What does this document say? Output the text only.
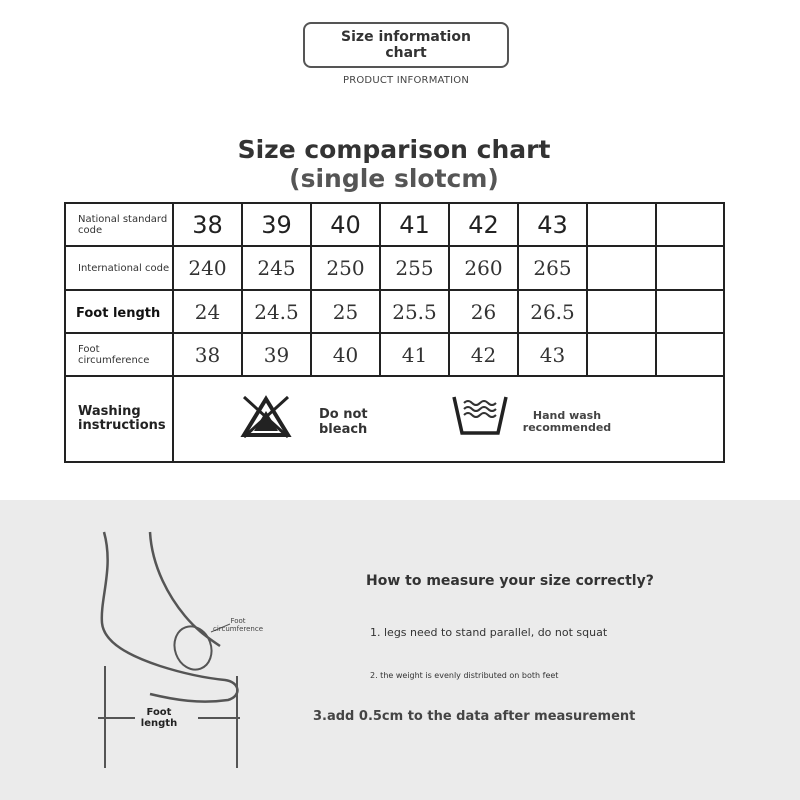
Size information chart
PRODUCT INFORMATION
Size comparison chart
(single slotcm)
National standard code	38	39	40	41	42	43		

International code	240	245	250	255	260	265		
Foot length	24	24.5	25	25.5	26	26.5		

Foot circumference	38	39	40	41	42	43		

Washing instructions	Do not bleach
Hand wash recommended							
Foot circumference
Foot length
How to measure your size correctly?
1. legs need to stand parallel, do not squat
2. the weight is evenly distributed on both feet
3.add 0.5cm to the data after measurement
